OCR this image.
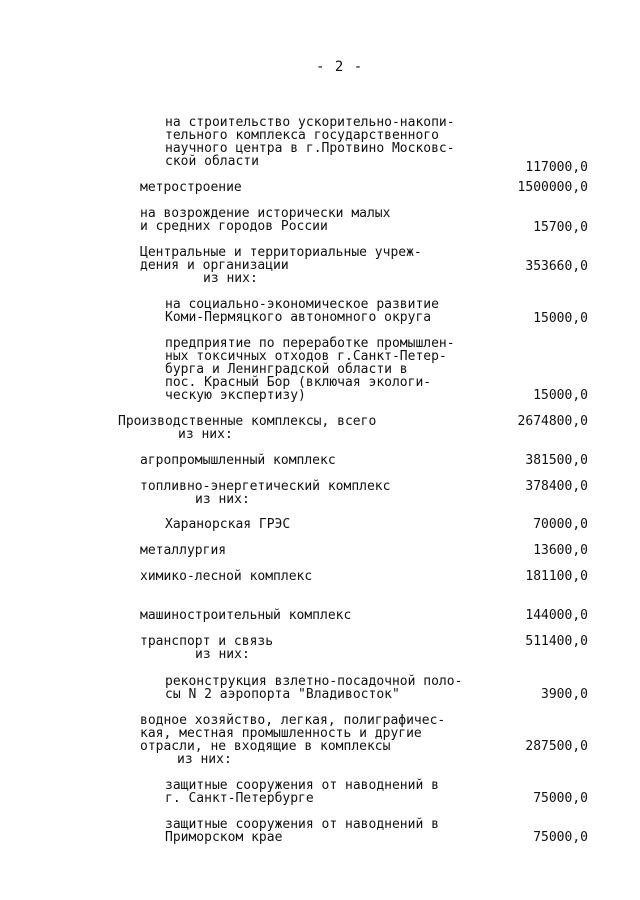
- 2 -
на строительство ускорительно-накопи-
тельного комплекса государственного
научного центра в г.Протвино Московс-
ской области	117000,0
метростроение	1500000,0
на возрождение исторически малых
и средних городов России	15700,0
Центральные и территориальные учреж-
дения и организации	353660,0
из них:
на социально-экономическое развитие
Коми-Пермяцкого автономного округа	15000,0
предприятие по переработке промышлен-
ных токсичных отходов г.Санкт-Петер-
бурга и Ленинградской области в
пос. Красный Бор (включая экологи-
ческую экспертизу)	15000,0
Производственные комплексы, всего	2674800,0
из них:
агропромышленный комплекс	381500,0
топливно-энергетический комплекс	378400,0
из них:
Харанорская ГРЭС	70000,0
металлургия	13600,0
химико-лесной комплекс	181100,0
машиностроительный комплекс	144000,0
транспорт и связь	511400,0
из них:
реконструкция взлетно-посадочной поло-
сы N 2 аэропорта "Владивосток"	3900,0
водное хозяйство, легкая, полиграфичес-
кая, местная промышленность и другие
отрасли, не входящие в комплексы	287500,0
из них:
защитные сооружения от наводнений в
г. Санкт-Петербурге	75000,0
защитные сооружения от наводнений в
Приморском крае	75000,0
